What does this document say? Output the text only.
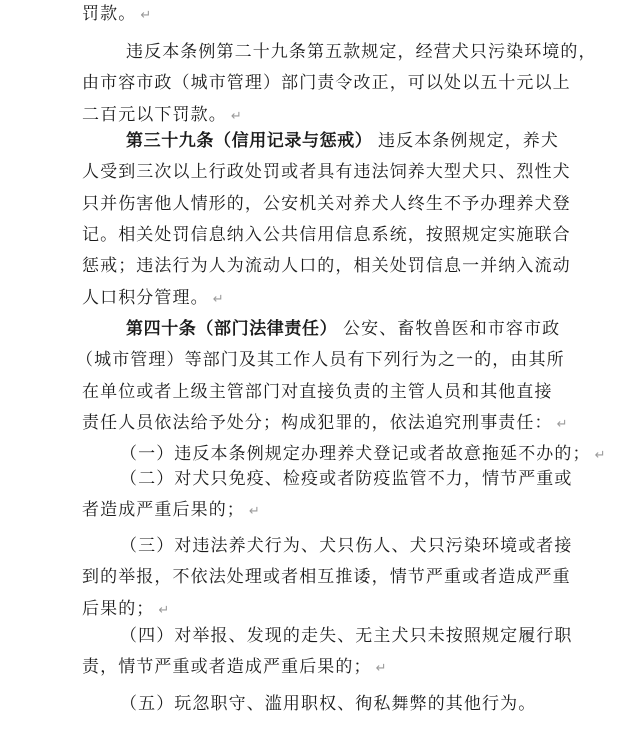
罚款。 ↵
违反本条例第二十九条第五款规定，经营犬只污染环境的，
由市容市政（城市管理）部门责令改正，可以处以五十元以上
二百元以下罚款。 ↵
第三十九条（信用记录与惩戒） 违反本条例规定，养犬
人受到三次以上行政处罚或者具有违法饲养大型犬只、烈性犬
只并伤害他人情形的，公安机关对养犬人终生不予办理养犬登
记。相关处罚信息纳入公共信用信息系统，按照规定实施联合
惩戒；违法行为人为流动人口的，相关处罚信息一并纳入流动
人口积分管理。 ↵
第四十条（部门法律责任） 公安、畜牧兽医和市容市政
（城市管理）等部门及其工作人员有下列行为之一的，由其所
在单位或者上级主管部门对直接负责的主管人员和其他直接
责任人员依法给予处分；构成犯罪的，依法追究刑事责任： ↵
（一）违反本条例规定办理养犬登记或者故意拖延不办的； ↵
（二）对犬只免疫、检疫或者防疫监管不力，情节严重或
者造成严重后果的； ↵
（三）对违法养犬行为、犬只伤人、犬只污染环境或者接
到的举报，不依法处理或者相互推诿，情节严重或者造成严重
后果的； ↵
（四）对举报、发现的走失、无主犬只未按照规定履行职
责，情节严重或者造成严重后果的； ↵
（五）玩忽职守、滥用职权、徇私舞弊的其他行为。
